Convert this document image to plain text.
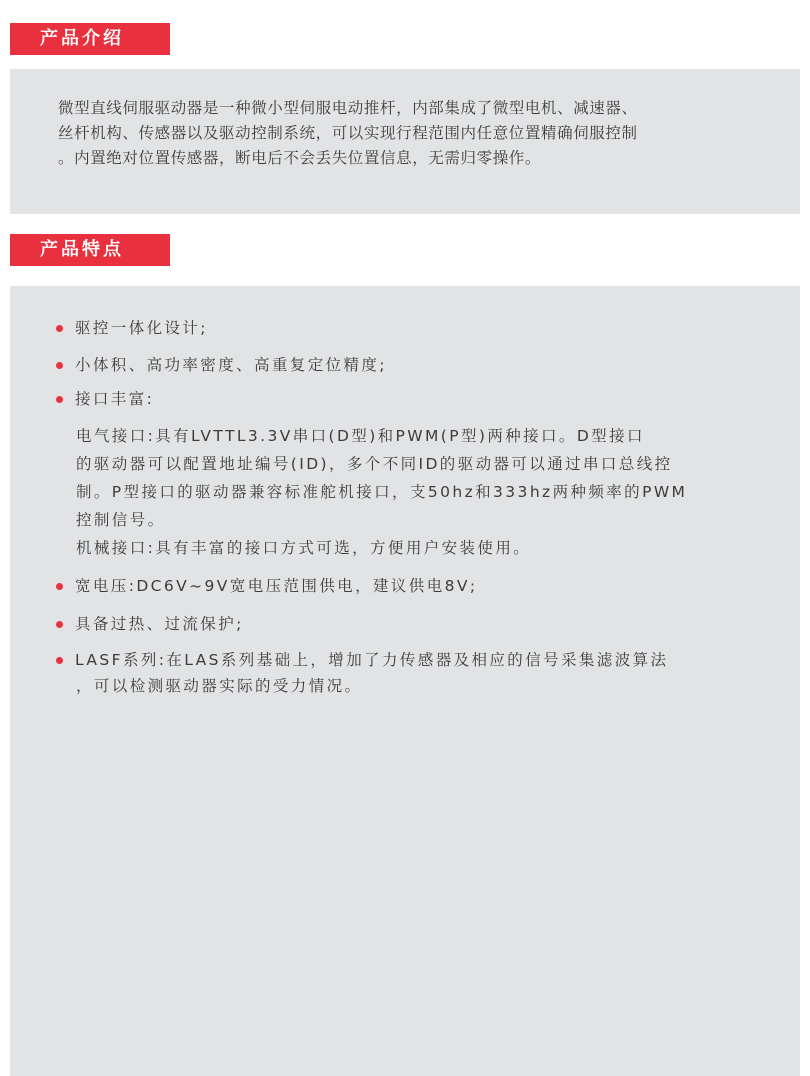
产品介绍
微型直线伺服驱动器是一种微小型伺服电动推杆，内部集成了微型电机、减速器、
丝杆机构、传感器以及驱动控制系统，可以实现行程范围内任意位置精确伺服控制
。内置绝对位置传感器，断电后不会丢失位置信息，无需归零操作。
产品特点
驱控一体化设计;
小体积、高功率密度、高重复定位精度;
接口丰富:
电气接口:具有LVTTL3.3V串口(D型)和PWM(P型)两种接口。D型接口
的驱动器可以配置地址编号(ID)，多个不同ID的驱动器可以通过串口总线控
制。P型接口的驱动器兼容标准舵机接口，支50hz和333hz两种频率的PWM
控制信号。
机械接口:具有丰富的接口方式可选，方便用户安装使用。
宽电压:DC6V~9V宽电压范围供电，建议供电8V;
具备过热、过流保护;
LASF系列:在LAS系列基础上，增加了力传感器及相应的信号采集滤波算法
，可以检测驱动器实际的受力情况。
